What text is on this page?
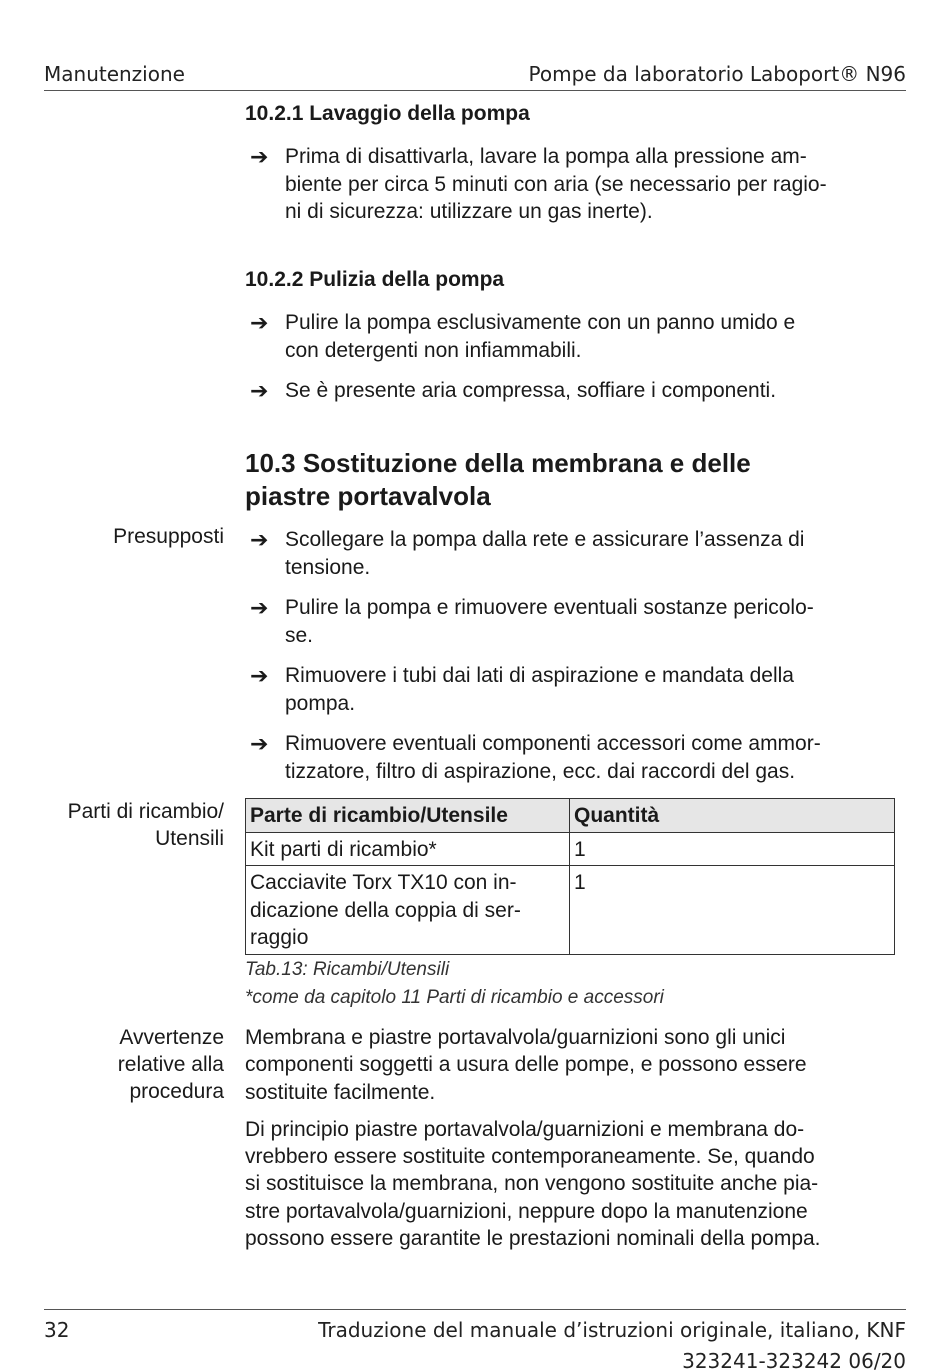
Manutenzione	Pompe da laboratorio Laboport® N96
10.2.1 Lavaggio della pompa
➔ Prima di disattivarla, lavare la pompa alla pressione am-
biente per circa 5 minuti con aria (se necessario per ragio-
ni di sicurezza: utilizzare un gas inerte).
10.2.2 Pulizia della pompa
➔ Pulire la pompa esclusivamente con un panno umido e
con detergenti non infiammabili.
➔ Se è presente aria compressa, soffiare i componenti.
10.3 Sostituzione della membrana e delle
piastre portavalvola
Presupposti ➔ Scollegare la pompa dalla rete e assicurare l’assenza di
tensione.
➔ Pulire la pompa e rimuovere eventuali sostanze pericolo-
se.
➔ Rimuovere i tubi dai lati di aspirazione e mandata della
pompa.
➔ Rimuovere eventuali componenti accessori come ammor-
tizzatore, filtro di aspirazione, ecc. dai raccordi del gas.
Parti di ricambio/
Utensili
Parte di ricambio/Utensile	Quantità
Kit parti di ricambio*	1
Cacciavite Torx TX10 con in-
dicazione della coppia di ser-
raggio	1
Tab.13: Ricambi/Utensili
*come da capitolo 11 Parti di ricambio e accessori
Avvertenze
relative alla
procedura

Membrana e piastre portavalvola/guarnizioni sono gli unici
componenti soggetti a usura delle pompe, e possono essere
sostituite facilmente.

Di principio piastre portavalvola/guarnizioni e membrana do-
vrebbero essere sostituite contemporaneamente. Se, quando
si sostituisce la membrana, non vengono sostituite anche pia-
stre portavalvola/guarnizioni, neppure dopo la manutenzione
possono essere garantite le prestazioni nominali della pompa.

32	Traduzione del manuale d’istruzioni originale, italiano, KNF
323241-323242 06/20
